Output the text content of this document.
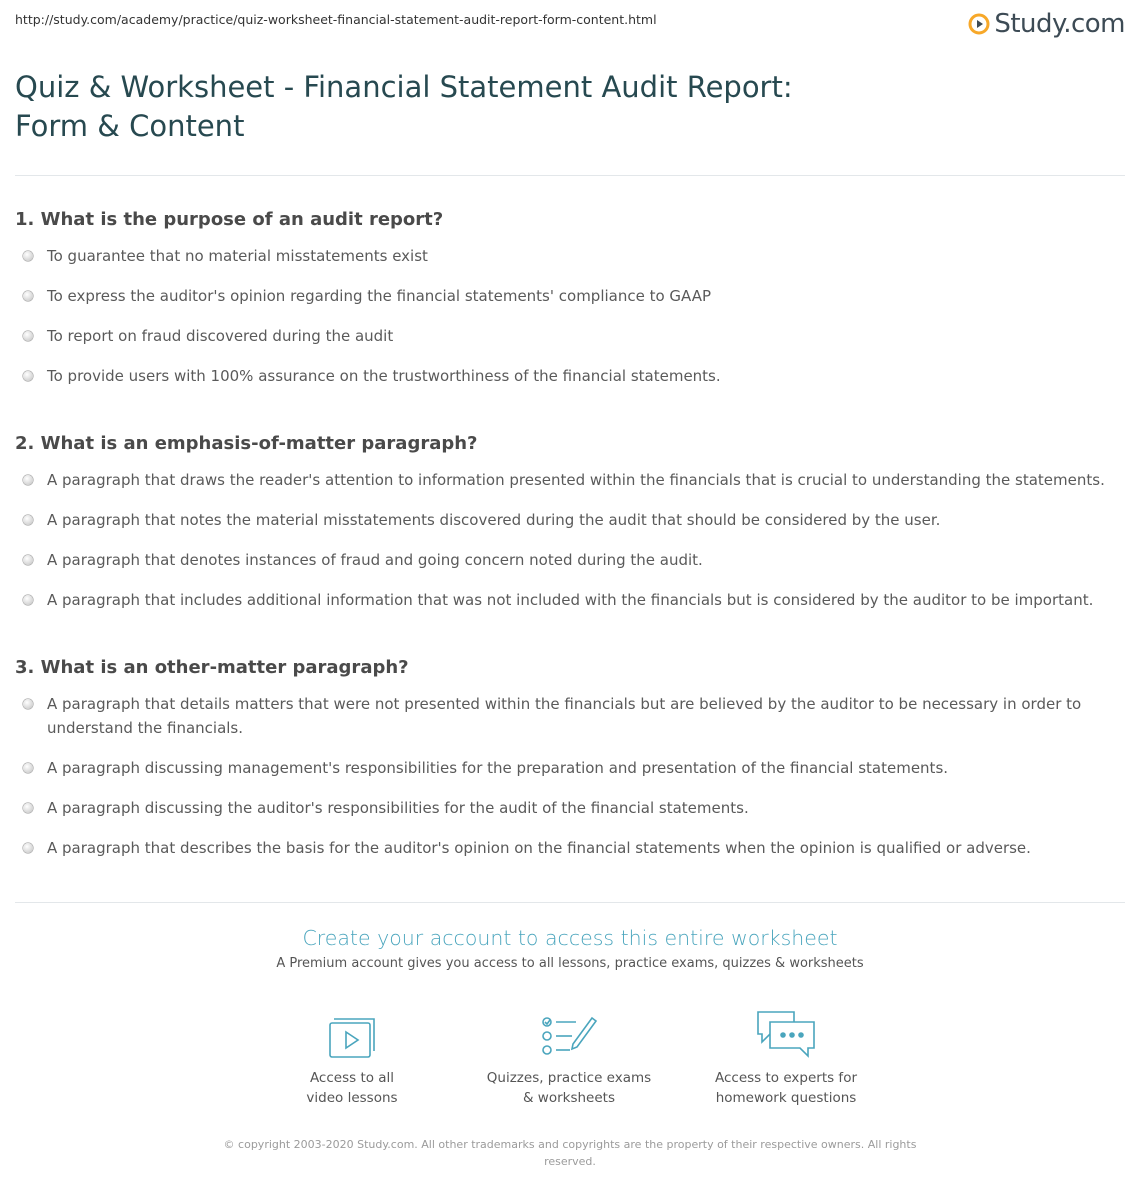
http://study.com/academy/practice/quiz-worksheet-financial-statement-audit-report-form-content.html	Study.com
Quiz & Worksheet - Financial Statement Audit Report:
Form & Content
1. What is the purpose of an audit report?
To guarantee that no material misstatements exist
To express the auditor's opinion regarding the financial statements' compliance to GAAP
To report on fraud discovered during the audit
To provide users with 100% assurance on the trustworthiness of the financial statements.
2. What is an emphasis-of-matter paragraph?
A paragraph that draws the reader's attention to information presented within the financials that is crucial to understanding the statements.
A paragraph that notes the material misstatements discovered during the audit that should be considered by the user.
A paragraph that denotes instances of fraud and going concern noted during the audit.
A paragraph that includes additional information that was not included with the financials but is considered by the auditor to be important.
3. What is an other-matter paragraph?
A paragraph that details matters that were not presented within the financials but are believed by the auditor to be necessary in order to understand the financials.
A paragraph discussing management's responsibilities for the preparation and presentation of the financial statements.
A paragraph discussing the auditor's responsibilities for the audit of the financial statements.
A paragraph that describes the basis for the auditor's opinion on the financial statements when the opinion is qualified or adverse.
Create your account to access this entire worksheet
A Premium account gives you access to all lessons, practice exams, quizzes & worksheets
Access to all
video lessons
Quizzes, practice exams
& worksheets
Access to experts for
homework questions
© copyright 2003-2020 Study.com. All other trademarks and copyrights are the property of their respective owners. All rights reserved.
